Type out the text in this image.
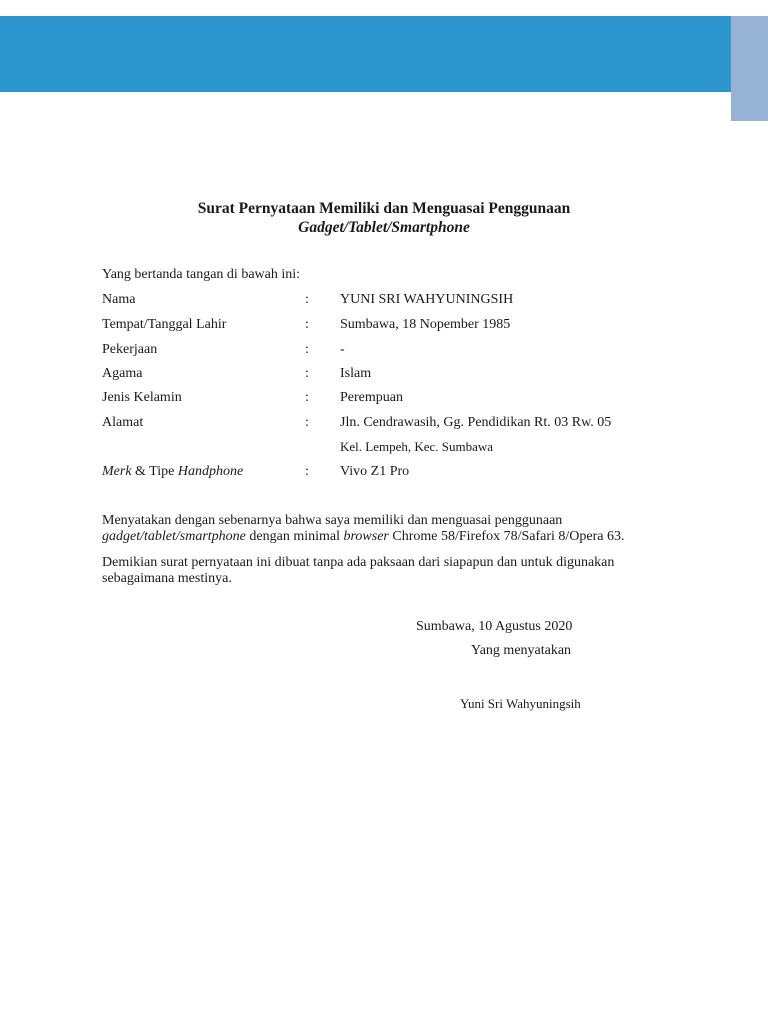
Surat Pernyataan Memiliki dan Menguasai Penggunaan
Gadget/Tablet/Smartphone
Yang bertanda tangan di bawah ini:
Nama	: YUNI SRI WAHYUNINGSIH
Tempat/Tanggal Lahir	: Sumbawa, 18 Nopember 1985
Pekerjaan	: -
Agama	: Islam
Jenis Kelamin	: Perempuan
Alamat	: Jln. Cendrawasih, Gg. Pendidikan Rt. 03 Rw. 05
Kel. Lempeh, Kec. Sumbawa
Merk & Tipe Handphone	: Vivo Z1 Pro
Menyatakan dengan sebenarnya bahwa saya memiliki dan menguasai penggunaan
gadget/tablet/smartphone dengan minimal browser Chrome 58/Firefox 78/Safari 8/Opera 63.
Demikian surat pernyataan ini dibuat tanpa ada paksaan dari siapapun dan untuk digunakan sebagaimana mestinya.
Sumbawa, 10 Agustus 2020
Yang menyatakan
Yuni Sri Wahyuningsih
